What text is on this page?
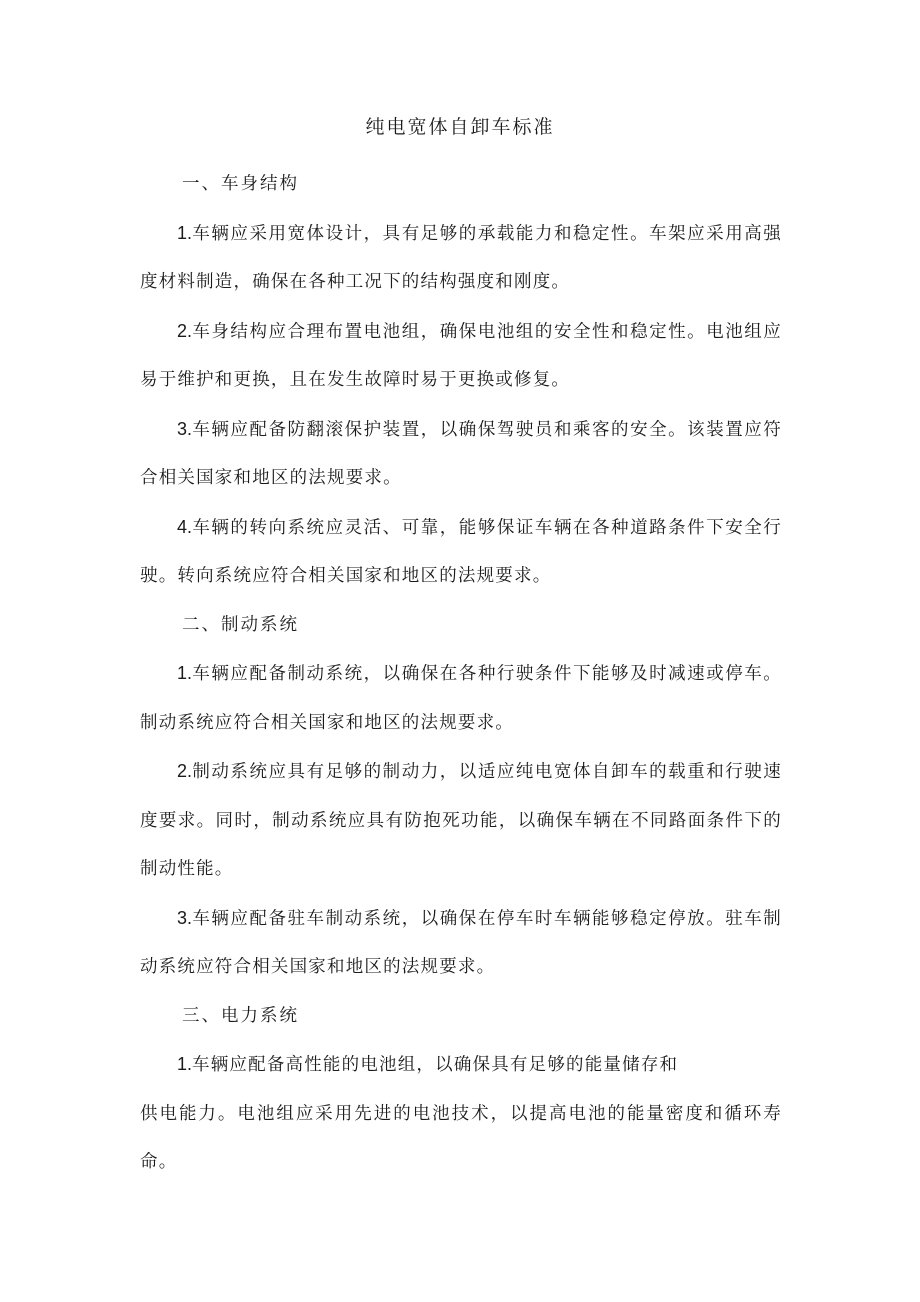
纯电宽体自卸车标准

一、车身结构

1.车辆应采用宽体设计，具有足够的承载能力和稳定性。车架应采用高强度材料制造，确保在各种工况下的结构强度和刚度。

2.车身结构应合理布置电池组，确保电池组的安全性和稳定性。电池组应易于维护和更换，且在发生故障时易于更换或修复。

3.车辆应配备防翻滚保护装置，以确保驾驶员和乘客的安全。该装置应符合相关国家和地区的法规要求。

4.车辆的转向系统应灵活、可靠，能够保证车辆在各种道路条件下安全行驶。转向系统应符合相关国家和地区的法规要求。

二、制动系统

1.车辆应配备制动系统，以确保在各种行驶条件下能够及时减速或停车。制动系统应符合相关国家和地区的法规要求。

2.制动系统应具有足够的制动力，以适应纯电宽体自卸车的载重和行驶速度要求。同时，制动系统应具有防抱死功能，以确保车辆在不同路面条件下的制动性能。

3.车辆应配备驻车制动系统，以确保在停车时车辆能够稳定停放。驻车制动系统应符合相关国家和地区的法规要求。

三、电力系统

1.车辆应配备高性能的电池组，以确保具有足够的能量储存和

供电能力。电池组应采用先进的电池技术，以提高电池的能量密度和循环寿命。
